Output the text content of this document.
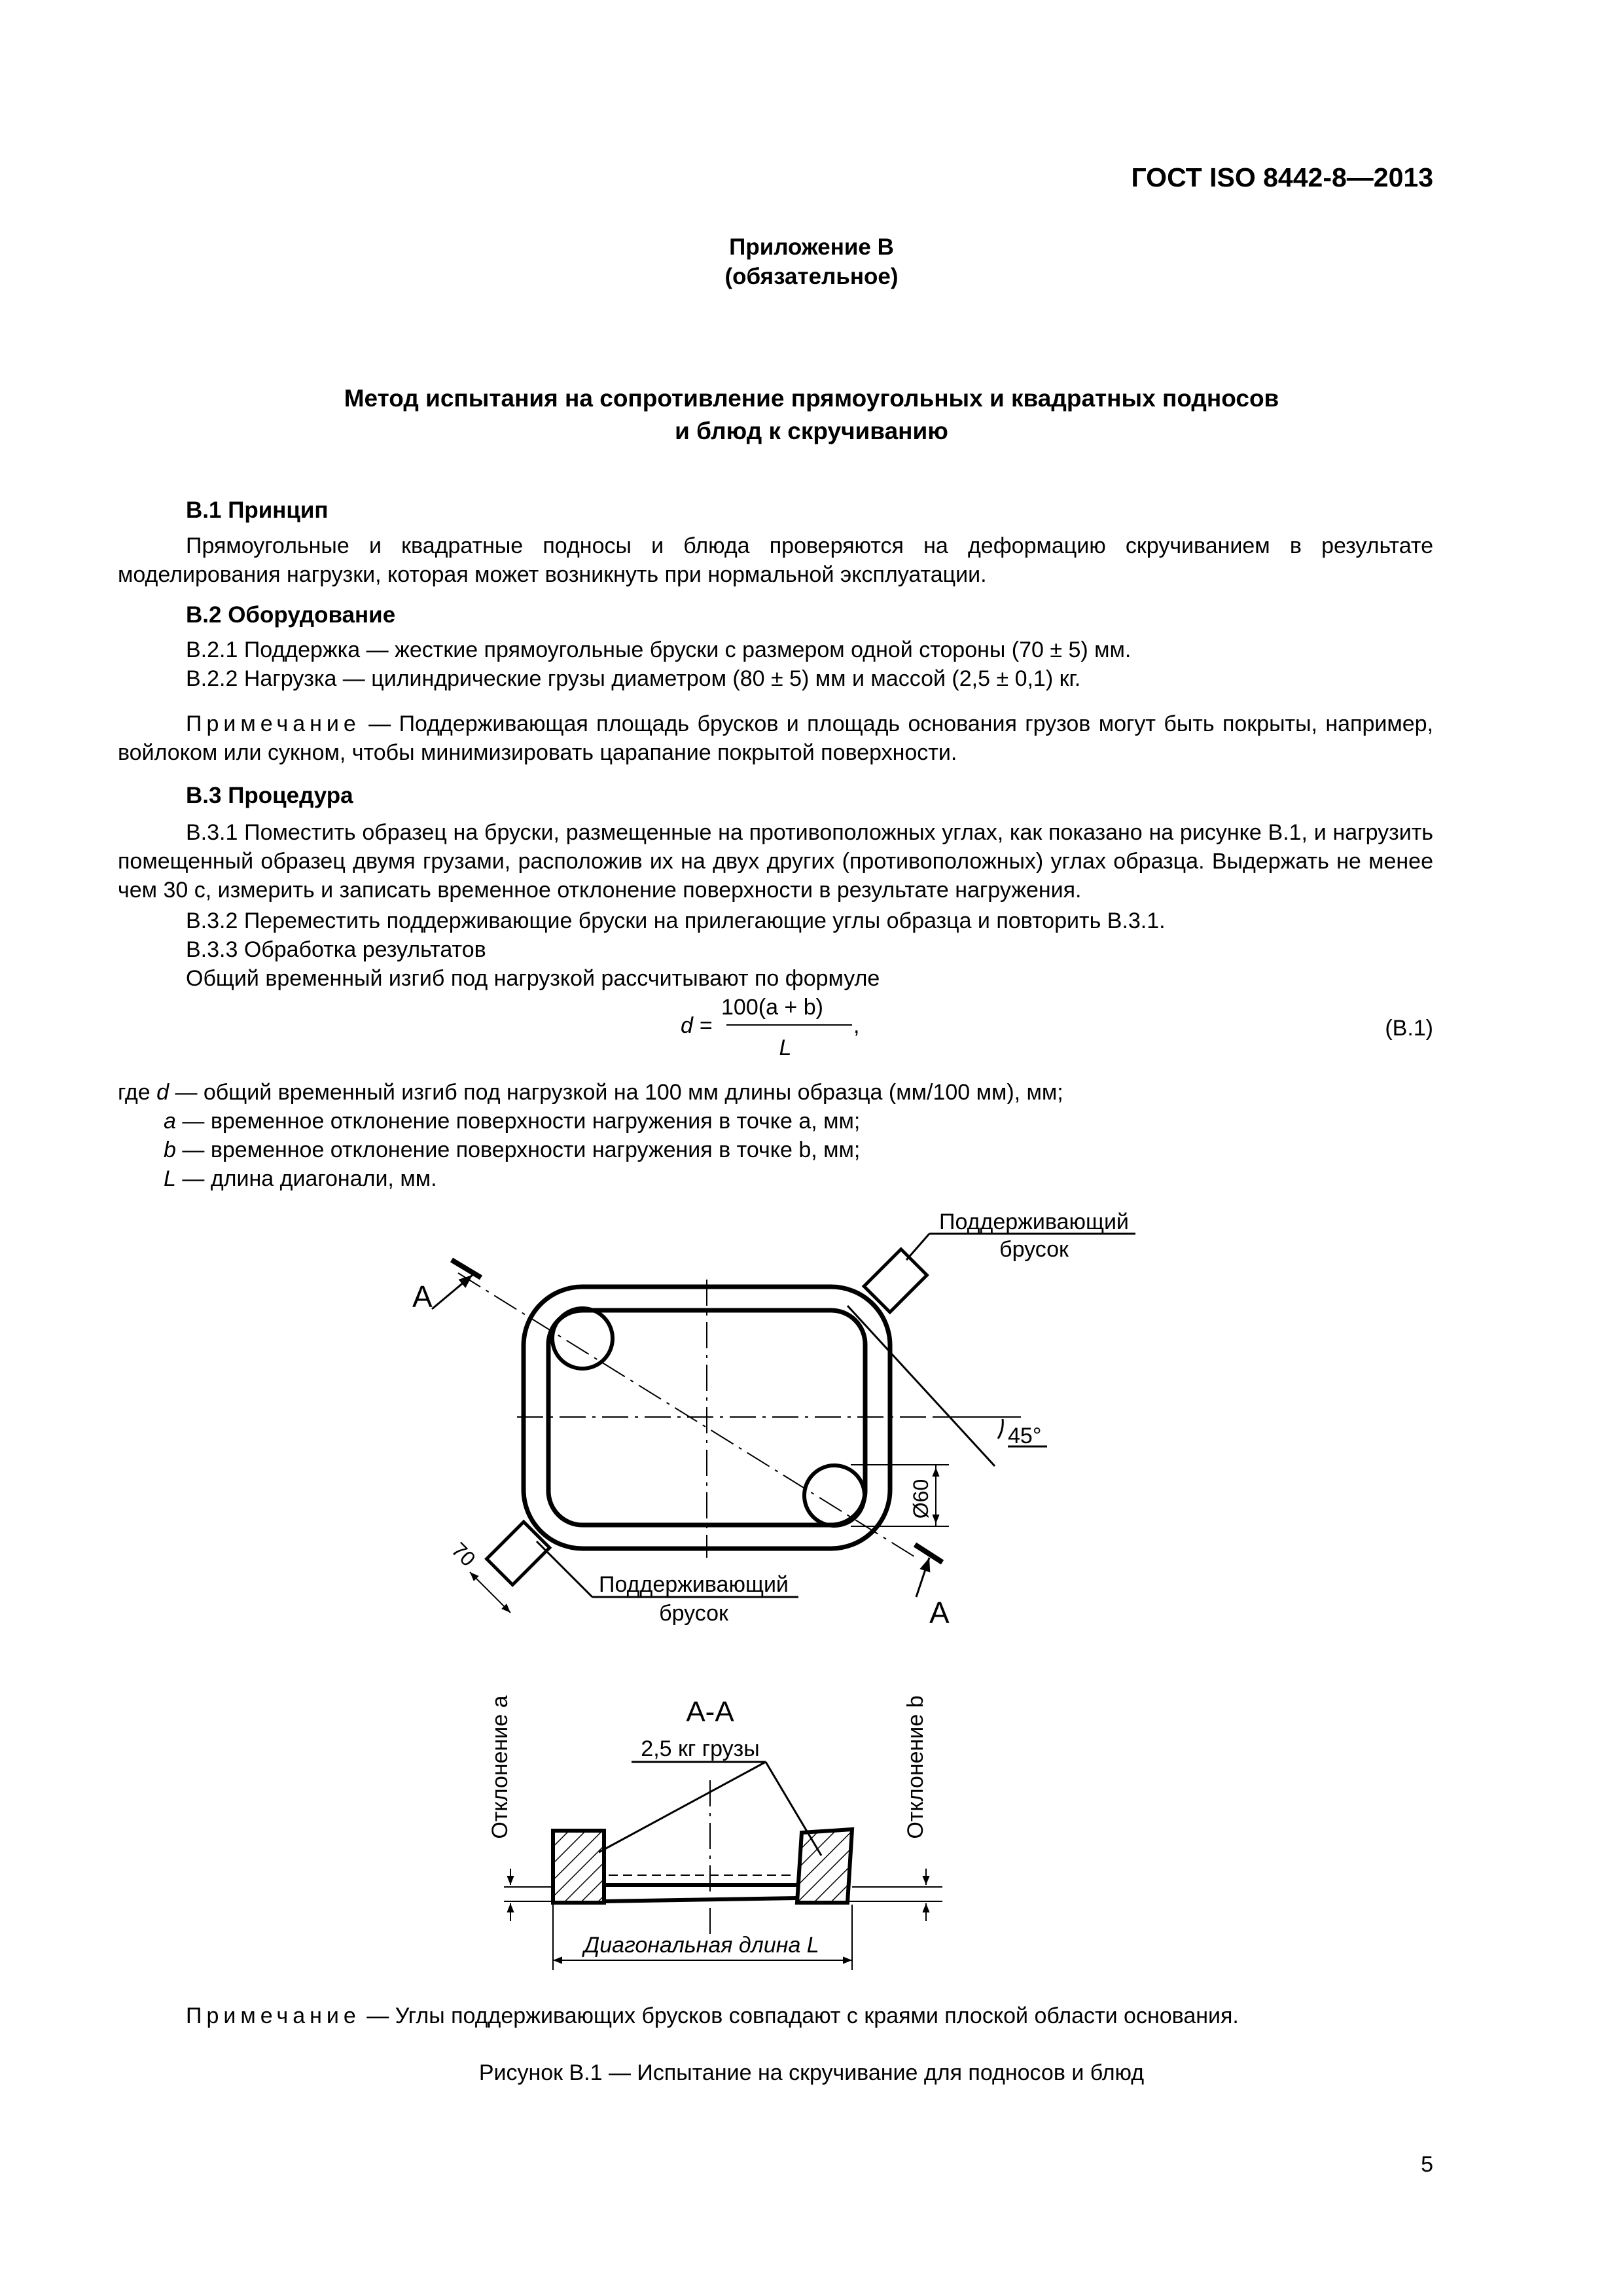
ГОСТ ISO 8442-8—2013
Приложение В
(обязательное)
Метод испытания на сопротивление прямоугольных и квадратных подносов
и блюд к скручиванию
В.1 Принцип
Прямоугольные и квадратные подносы и блюда проверяются на деформацию скручиванием в результате моделирования нагрузки, которая может возникнуть при нормальной эксплуатации.
В.2 Оборудование
В.2.1 Поддержка — жесткие прямоугольные бруски с размером одной стороны (70 ± 5) мм.
В.2.2 Нагрузка — цилиндрические грузы диаметром (80 ± 5) мм и массой (2,5 ± 0,1) кг.
Примечание — Поддерживающая площадь брусков и площадь основания грузов могут быть покрыты, например, войлоком или сукном, чтобы минимизировать царапание покрытой поверхности.
В.3 Процедура
В.3.1 Поместить образец на бруски, размещенные на противоположных углах, как показано на рисунке В.1, и нагрузить помещенный образец двумя грузами, расположив их на двух других (противоположных) углах образца. Выдержать не менее чем 30 с, измерить и записать временное отклонение поверхности в результате нагружения.
В.3.2 Переместить поддерживающие бруски на прилегающие углы образца и повторить В.3.1.
В.3.3 Обработка результатов
Общий временный изгиб под нагрузкой рассчитывают по формуле
d =
100(a + b)
L
,	(В.1)
где d — общий временный изгиб под нагрузкой на 100 мм длины образца (мм/100 мм), мм;
a — временное отклонение поверхности нагружения в точке a, мм;
b — временное отклонение поверхности нагружения в точке b, мм;
L — длина диагонали, мм.
А
А
Поддерживающий
брусок
Поддерживающий
брусок
45°
Ø60
70
А-А
2,5 кг грузы
Отклонение a	Отклонение b
Диагональная длина L
Примечание — Углы поддерживающих брусков совпадают с краями плоской области основания.
Рисунок В.1 — Испытание на скручивание для подносов и блюд
5
